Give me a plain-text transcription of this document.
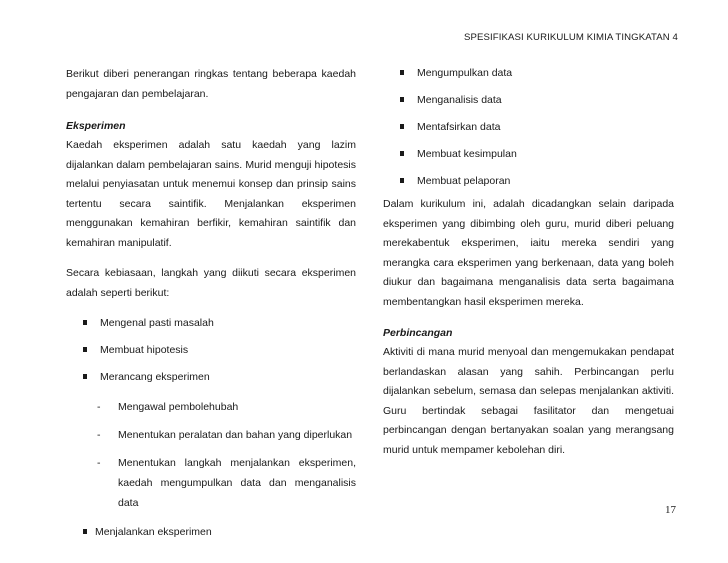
SPESIFIKASI KURIKULUM KIMIA TINGKATAN 4

Berikut diberi penerangan ringkas tentang beberapa kaedah pengajaran dan pembelajaran.

Eksperimen

Kaedah eksperimen adalah satu kaedah yang lazim dijalankan dalam pembelajaran sains. Murid menguji hipotesis melalui penyiasatan untuk menemui konsep dan prinsip sains tertentu secara saintifik. Menjalankan eksperimen menggunakan kemahiran berfikir, kemahiran saintifik dan kemahiran manipulatif.

Secara kebiasaan, langkah yang diikuti secara eksperimen adalah seperti berikut:

Mengenal pasti masalah
Membuat hipotesis
Merancang eksperimen
- Mengawal pembolehubah
- Menentukan peralatan dan bahan yang diperlukan
- Menentukan langkah menjalankan eksperimen, kaedah mengumpulkan data dan menganalisis data
Menjalankan eksperimen
Mengumpulkan data
Menganalisis data
Mentafsirkan data
Membuat kesimpulan
Membuat pelaporan

Dalam kurikulum ini, adalah dicadangkan selain daripada eksperimen yang dibimbing oleh guru, murid diberi peluang merekabentuk eksperimen, iaitu mereka sendiri yang merangka cara eksperimen yang berkenaan, data yang boleh diukur dan bagaimana menganalisis data serta bagaimana membentangkan hasil eksperimen mereka.

Perbincangan

Aktiviti di mana murid menyoal dan mengemukakan pendapat berlandaskan alasan yang sahih. Perbincangan perlu dijalankan sebelum, semasa dan selepas menjalankan aktiviti. Guru bertindak sebagai fasilitator dan mengetuai perbincangan dengan bertanyakan soalan yang merangsang murid untuk mempamer kebolehan diri.

17
